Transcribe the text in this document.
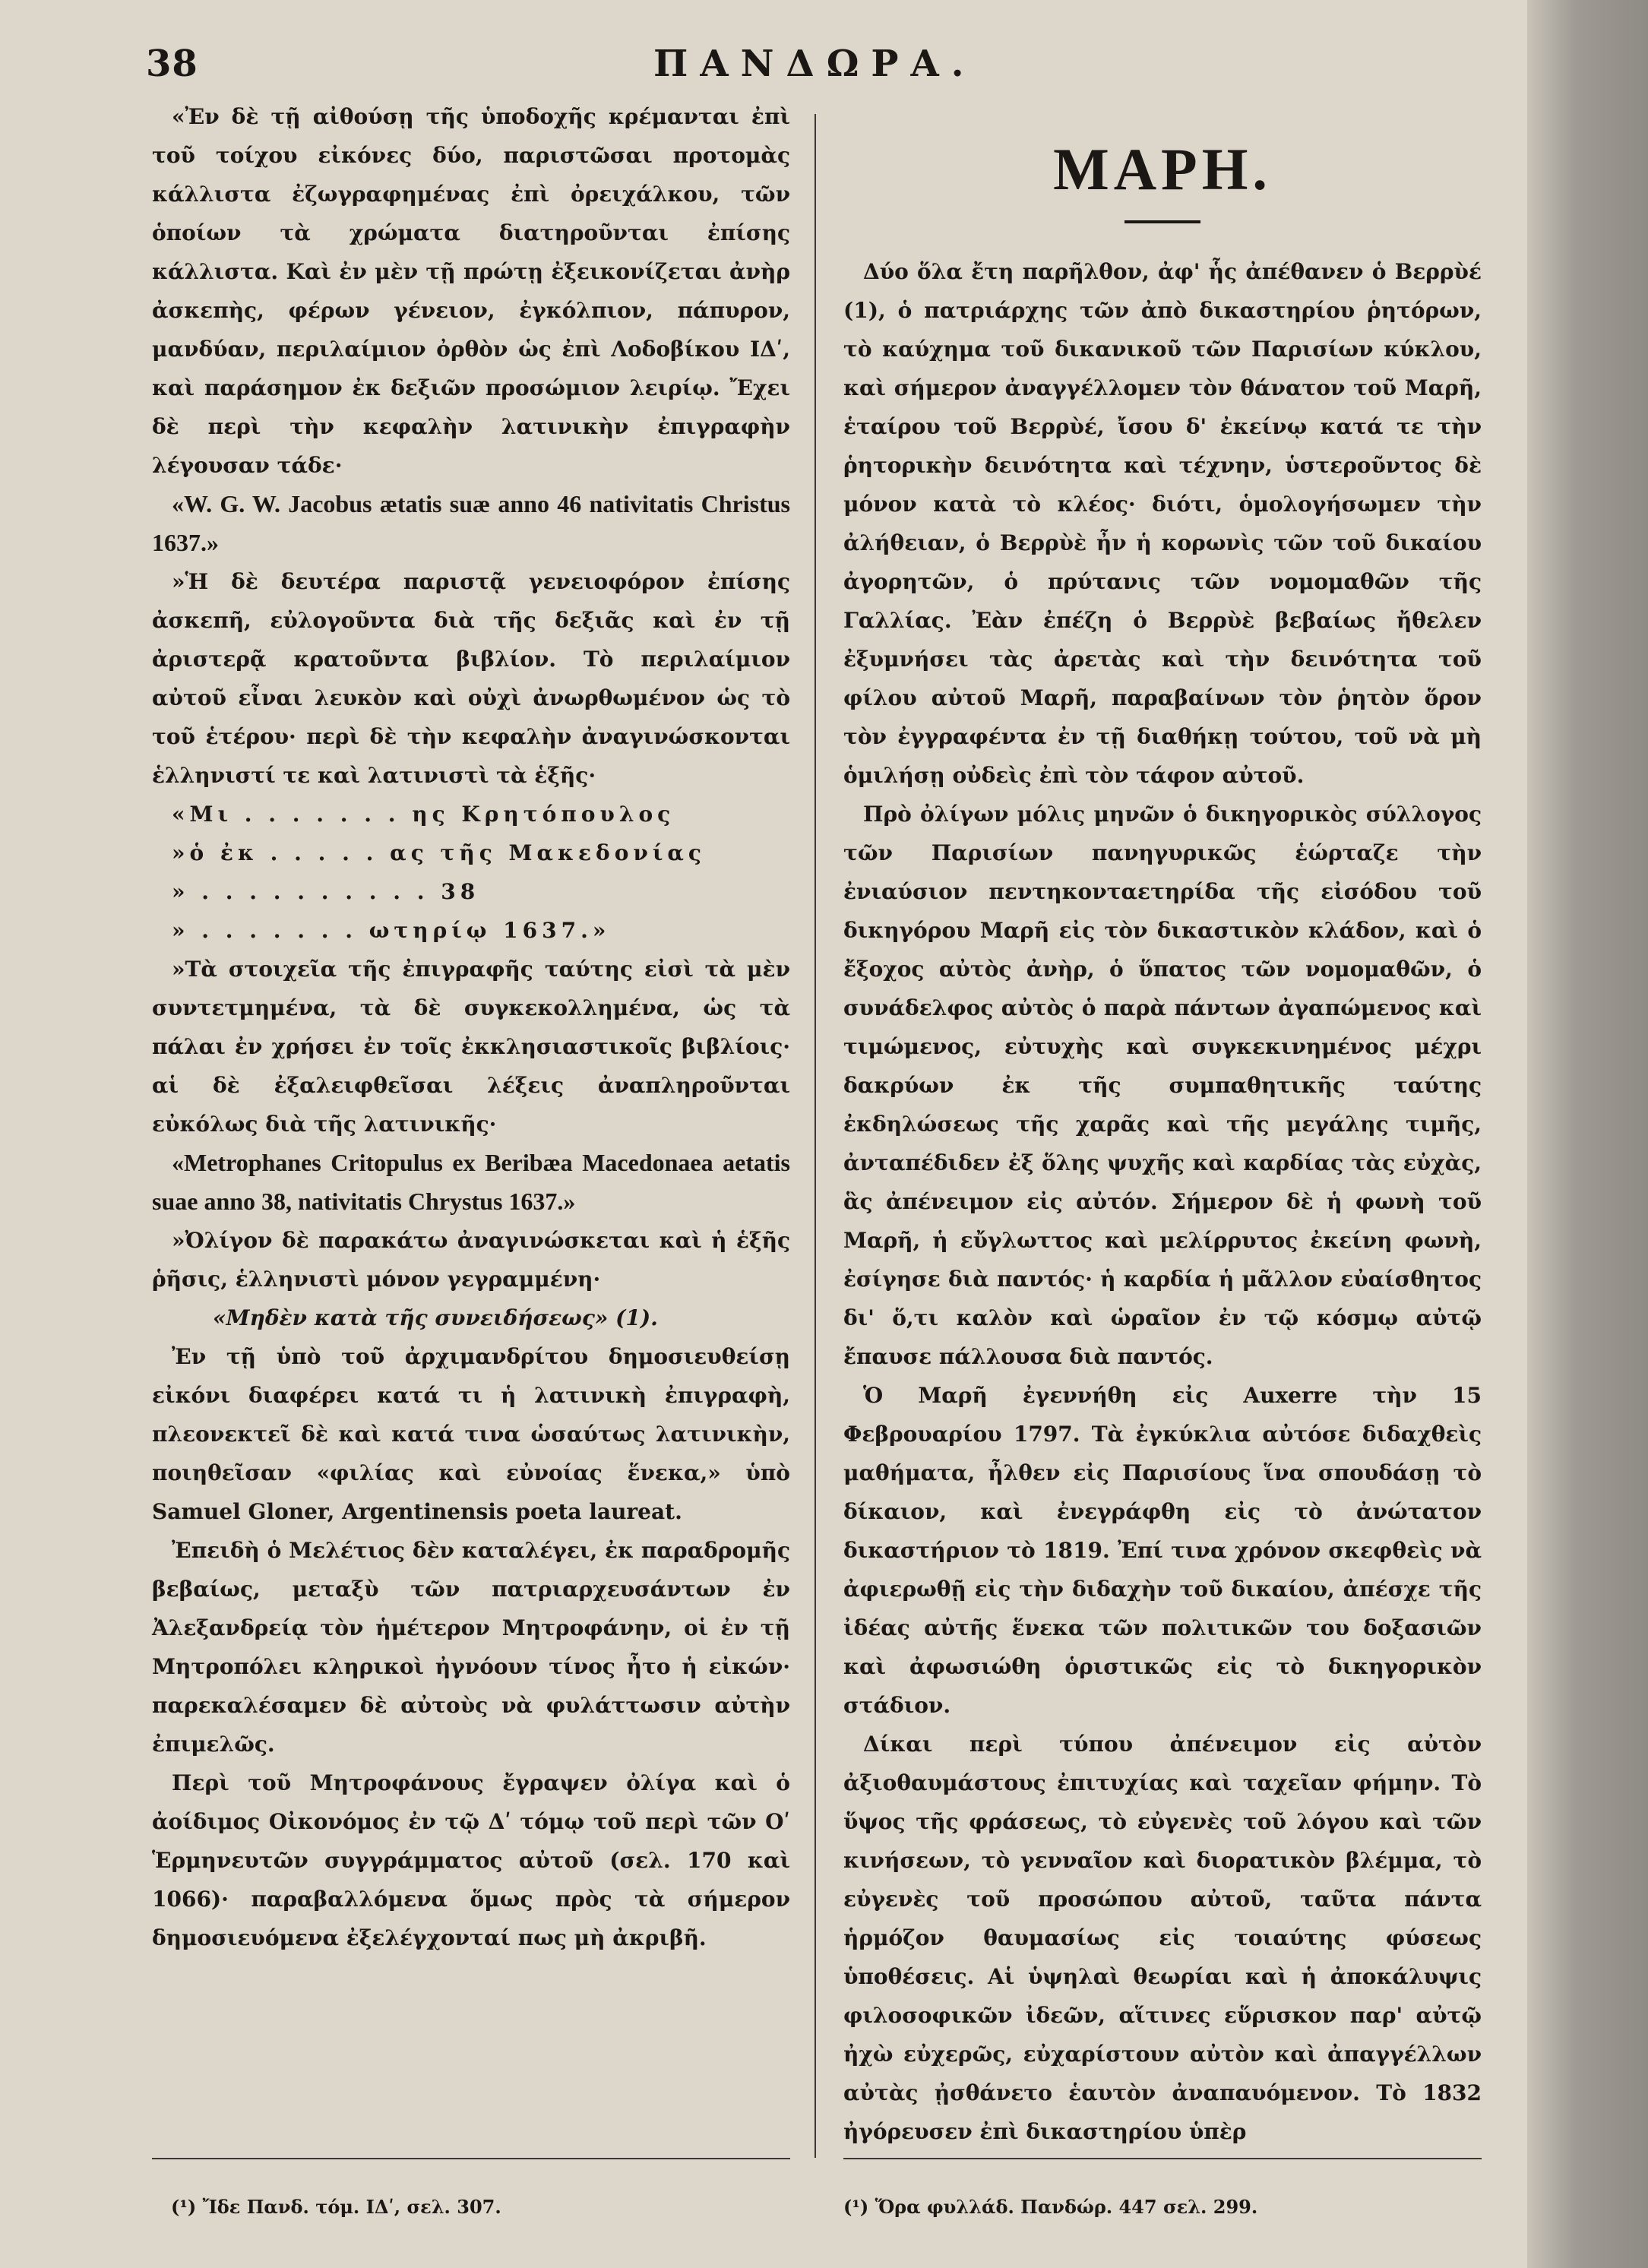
38	ΠΑΝΔΩΡΑ.

«Ἐν δὲ τῇ αἰθούσῃ τῆς ὑποδοχῆς κρέμανται ἐπὶ τοῦ τοίχου εἰκόνες δύο, παριστῶσαι προτομὰς κάλλιστα ἐζωγραφημένας ἐπὶ ὀρειχάλκου, τῶν ὁποίων τὰ χρώματα διατηροῦνται ἐπίσης κάλλιστα. Καὶ ἐν μὲν τῇ πρώτῃ ἐξεικονίζεται ἀνὴρ ἀσκεπὴς, φέρων γένειον, ἐγκόλπιον, πάπυρον, μανδύαν, περιλαίμιον ὀρθὸν ὡς ἐπὶ Λοδοβίκου ΙΔʹ, καὶ παράσημον ἐκ δεξιῶν προσώμιον λειρίῳ. Ἔχει δὲ περὶ τὴν κεφαλὴν λατινικὴν ἐπιγραφὴν λέγουσαν τάδε·

«W. G. W. Jacobus ætatis suæ anno 46 nativitatis Christus 1637.»

»Ἡ δὲ δευτέρα παριστᾷ γενειοφόρον ἐπίσης ἀσκεπῆ, εὐλογοῦντα διὰ τῆς δεξιᾶς καὶ ἐν τῇ ἀριστερᾷ κρατοῦντα βιβλίον. Τὸ περιλαίμιον αὐτοῦ εἶναι λευκὸν καὶ οὐχὶ ἀνωρθωμένον ὡς τὸ τοῦ ἑτέρου· περὶ δὲ τὴν κεφαλὴν ἀναγινώσκονται ἑλληνιστί τε καὶ λατινιστὶ τὰ ἑξῆς·

«Μι . . . . . . . ης Κρητόπουλος
»ὁ ἐκ . . . . . ας τῆς Μακεδονίας
» . . . . . . . . . . 38
» . . . . . . . ωτηρίῳ 1637.»

»Τὰ στοιχεῖα τῆς ἐπιγραφῆς ταύτης εἰσὶ τὰ μὲν συντετμημένα, τὰ δὲ συγκεκολλημένα, ὡς τὰ πάλαι ἐν χρήσει ἐν τοῖς ἐκκλησιαστικοῖς βιβλίοις· αἱ δὲ ἐξαλειφθεῖσαι λέξεις ἀναπληροῦνται εὐκόλως διὰ τῆς λατινικῆς·

«Metrophanes Critopulus ex Beribæa Macedonaea aetatis suae anno 38, nativitatis Chrystus 1637.»

»Ὀλίγον δὲ παρακάτω ἀναγινώσκεται καὶ ἡ ἑξῆς ῥῆσις, ἑλληνιστὶ μόνον γεγραμμένη·

«Μηδὲν κατὰ τῆς συνειδήσεως» (1).

Ἐν τῇ ὑπὸ τοῦ ἀρχιμανδρίτου δημοσιευθείσῃ εἰκόνι διαφέρει κατά τι ἡ λατινικὴ ἐπιγραφὴ, πλεονεκτεῖ δὲ καὶ κατά τινα ὡσαύτως λατινικὴν, ποιηθεῖσαν «φιλίας καὶ εὐνοίας ἕνεκα,» ὑπὸ Samuel Gloner, Argentinensis poeta laureat.

Ἐπειδὴ ὁ Μελέτιος δὲν καταλέγει, ἐκ παραδρομῆς βεβαίως, μεταξὺ τῶν πατριαρχευσάντων ἐν Ἀλεξανδρείᾳ τὸν ἡμέτερον Μητροφάνην, οἱ ἐν τῇ Μητροπόλει κληρικοὶ ἠγνόουν τίνος ἦτο ἡ εἰκών· παρεκαλέσαμεν δὲ αὐτοὺς νὰ φυλάττωσιν αὐτὴν ἐπιμελῶς.

Περὶ τοῦ Μητροφάνους ἔγραψεν ὀλίγα καὶ ὁ ἀοίδιμος Οἰκονόμος ἐν τῷ Δʹ τόμῳ τοῦ περὶ τῶν Οʹ Ἑρμηνευτῶν συγγράμματος αὐτοῦ (σελ. 170 καὶ 1066)· παραβαλλόμενα ὅμως πρὸς τὰ σήμερον δημοσιευόμενα ἐξελέγχονταί πως μὴ ἀκριβῆ.

ΜΑΡΗ.

Δύο ὅλα ἔτη παρῆλθον, ἀφ' ἧς ἀπέθανεν ὁ Βερρὺέ (1), ὁ πατριάρχης τῶν ἀπὸ δικαστηρίου ῥητόρων, τὸ καύχημα τοῦ δικανικοῦ τῶν Παρισίων κύκλου, καὶ σήμερον ἀναγγέλλομεν τὸν θάνατον τοῦ Μαρῆ, ἑταίρου τοῦ Βερρὺέ, ἴσου δ' ἐκείνῳ κατά τε τὴν ῥητορικὴν δεινότητα καὶ τέχνην, ὑστεροῦντος δὲ μόνον κατὰ τὸ κλέος· διότι, ὁμολογήσωμεν τὴν ἀλήθειαν, ὁ Βερρὺὲ ἦν ἡ κορωνὶς τῶν τοῦ δικαίου ἀγορητῶν, ὁ πρύτανις τῶν νομομαθῶν τῆς Γαλλίας. Ἐὰν ἐπέζη ὁ Βερρὺὲ βεβαίως ἤθελεν ἐξυμνήσει τὰς ἀρετὰς καὶ τὴν δεινότητα τοῦ φίλου αὐτοῦ Μαρῆ, παραβαίνων τὸν ῥητὸν ὅρον τὸν ἐγγραφέντα ἐν τῇ διαθήκῃ τούτου, τοῦ νὰ μὴ ὁμιλήσῃ οὐδεὶς ἐπὶ τὸν τάφον αὐτοῦ.

Πρὸ ὀλίγων μόλις μηνῶν ὁ δικηγορικὸς σύλλογος τῶν Παρισίων πανηγυρικῶς ἑώρταζε τὴν ἐνιαύσιον πεντηκονταετηρίδα τῆς εἰσόδου τοῦ δικηγόρου Μαρῆ εἰς τὸν δικαστικὸν κλάδον, καὶ ὁ ἔξοχος αὐτὸς ἀνὴρ, ὁ ὕπατος τῶν νομομαθῶν, ὁ συνάδελφος αὐτὸς ὁ παρὰ πάντων ἀγαπώμενος καὶ τιμώμενος, εὐτυχὴς καὶ συγκεκινημένος μέχρι δακρύων ἐκ τῆς συμπαθητικῆς ταύτης ἐκδηλώσεως τῆς χαρᾶς καὶ τῆς μεγάλης τιμῆς, ἀνταπέδιδεν ἐξ ὅλης ψυχῆς καὶ καρδίας τὰς εὐχὰς, ἃς ἀπένειμον εἰς αὐτόν. Σήμερον δὲ ἡ φωνὴ τοῦ Μαρῆ, ἡ εὔγλωττος καὶ μελίρρυτος ἐκείνη φωνὴ, ἐσίγησε διὰ παντός· ἡ καρδία ἡ μᾶλλον εὐαίσθητος δι' ὅ,τι καλὸν καὶ ὡραῖον ἐν τῷ κόσμῳ αὐτῷ ἔπαυσε πάλλουσα διὰ παντός.

Ὁ Μαρῆ ἐγεννήθη εἰς Auxerre τὴν 15 Φεβρουαρίου 1797. Τὰ ἐγκύκλια αὐτόσε διδαχθεὶς μαθήματα, ἦλθεν εἰς Παρισίους ἵνα σπουδάσῃ τὸ δίκαιον, καὶ ἐνεγράφθη εἰς τὸ ἀνώτατον δικαστήριον τὸ 1819. Ἐπί τινα χρόνον σκεφθεὶς νὰ ἀφιερωθῇ εἰς τὴν διδαχὴν τοῦ δικαίου, ἀπέσχε τῆς ἰδέας αὐτῆς ἕνεκα τῶν πολιτικῶν του δοξασιῶν καὶ ἀφωσιώθη ὁριστικῶς εἰς τὸ δικηγορικὸν στάδιον.

Δίκαι περὶ τύπου ἀπένειμον εἰς αὐτὸν ἀξιοθαυμάστους ἐπιτυχίας καὶ ταχεῖαν φήμην. Τὸ ὕψος τῆς φράσεως, τὸ εὐγενὲς τοῦ λόγου καὶ τῶν κινήσεων, τὸ γενναῖον καὶ διορατικὸν βλέμμα, τὸ εὐγενὲς τοῦ προσώπου αὐτοῦ, ταῦτα πάντα ἡρμόζον θαυμασίως εἰς τοιαύτης φύσεως ὑποθέσεις. Αἱ ὑψηλαὶ θεωρίαι καὶ ἡ ἀποκάλυψις φιλοσοφικῶν ἰδεῶν, αἵτινες εὕρισκον παρ' αὐτῷ ἠχὼ εὐχερῶς, εὐχαρίστουν αὐτὸν καὶ ἀπαγγέλλων αὐτὰς ᾐσθάνετο ἑαυτὸν ἀναπαυόμενον. Τὸ 1832 ἠγόρευσεν ἐπὶ δικαστηρίου ὑπὲρ

(¹) Ἴδε Πανδ. τόμ. ΙΔʹ, σελ. 307.	(¹) Ὅρα φυλλάδ. Πανδώρ. 447 σελ. 299.
